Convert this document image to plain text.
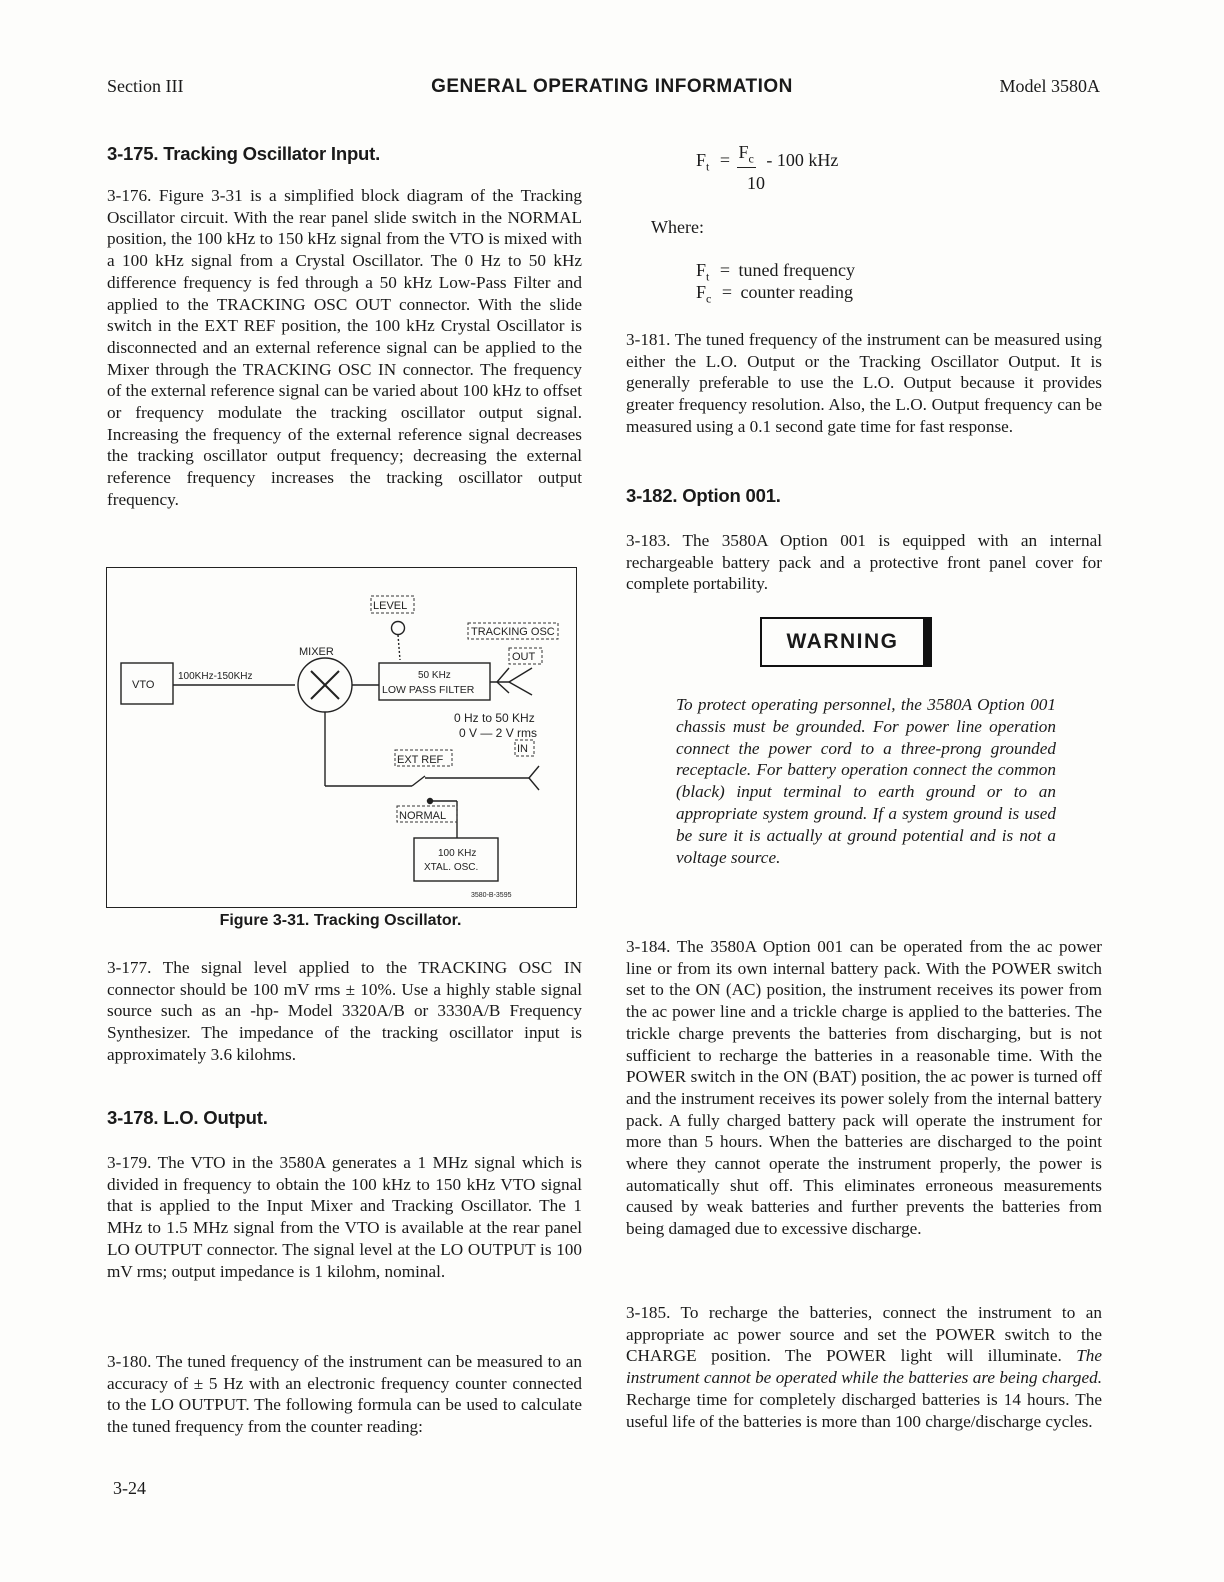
Section III	GENERAL OPERATING INFORMATION	Model 3580A
3-175. Tracking Oscillator Input.

3-176. Figure 3-31 is a simplified block diagram of the Tracking Oscillator circuit. With the rear panel slide switch in the NORMAL position, the 100 kHz to 150 kHz signal from the VTO is mixed with a 100 kHz signal from a Crystal Oscillator. The 0 Hz to 50 kHz difference frequency is fed through a 50 kHz Low-Pass Filter and applied to the TRACKING OSC OUT connector. With the slide switch in the EXT REF position, the 100 kHz Crystal Oscillator is disconnected and an external reference signal can be applied to the Mixer through the TRACKING OSC IN connector. The frequency of the external reference signal can be varied about 100 kHz to offset or frequency modulate the tracking oscillator output signal. Increasing the frequency of the external reference signal decreases the tracking oscillator output frequency; decreasing the external reference frequency increases the tracking oscillator output frequency.

VTO
100KHz-150KHz
MIXER
LEVEL
TRACKING OSC
OUT
50 KHz
LOW PASS FILTER
0 Hz to 50 KHz
0 V — 2 V rms
IN
EXT REF
NORMAL
100 KHz
XTAL. OSC.
3580-B-3595
Figure 3-31. Tracking Oscillator.

3-177. The signal level applied to the TRACKING OSC IN connector should be 100 mV rms ± 10%. Use a highly stable signal source such as an -hp- Model 3320A/B or 3330A/B Frequency Synthesizer. The impedance of the tracking oscillator input is approximately 3.6 kilohms.

3-178. L.O. Output.

3-179. The VTO in the 3580A generates a 1 MHz signal which is divided in frequency to obtain the 100 kHz to 150 kHz VTO signal that is applied to the Input Mixer and Tracking Oscillator. The 1 MHz to 1.5 MHz signal from the VTO is available at the rear panel LO OUTPUT connector. The signal level at the LO OUTPUT is 100 mV rms; output impedance is 1 kilohm, nominal.

3-180. The tuned frequency of the instrument can be measured to an accuracy of ± 5 Hz with an electronic frequency counter connected to the LO OUTPUT. The following formula can be used to calculate the tuned frequency from the counter reading:

3-24
$F_t = F_c - 100$ kHz
10
Where:
$F_t$ = tuned frequency
$F_c$ = counter reading

3-181. The tuned frequency of the instrument can be measured using either the L.O. Output or the Tracking Oscillator Output. It is generally preferable to use the L.O. Output because it provides greater frequency resolution. Also, the L.O. Output frequency can be measured using a 0.1 second gate time for fast response.

3-182. Option 001.

3-183. The 3580A Option 001 is equipped with an internal rechargeable battery pack and a protective front panel cover for complete portability.

WARNING
To protect operating personnel, the 3580A Option 001 chassis must be grounded. For power line operation connect the power cord to a three-prong grounded receptacle. For battery operation connect the common (black) input terminal to earth ground or to an appropriate system ground. If a system ground is used be sure it is actually at ground potential and is not a voltage source.

3-184. The 3580A Option 001 can be operated from the ac power line or from its own internal battery pack. With the POWER switch set to the ON (AC) position, the instrument receives its power from the ac power line and a trickle charge is applied to the batteries. The trickle charge prevents the batteries from discharging, but is not sufficient to recharge the batteries in a reasonable time. With the POWER switch in the ON (BAT) position, the ac power is turned off and the instrument receives its power solely from the internal battery pack. A fully charged battery pack will operate the instrument for more than 5 hours. When the batteries are discharged to the point where they cannot operate the instrument properly, the power is automatically shut off. This eliminates erroneous measurements caused by weak batteries and further prevents the batteries from being damaged due to excessive discharge.

3-185. To recharge the batteries, connect the instrument to an appropriate ac power source and set the POWER switch to the CHARGE position. The POWER light will illuminate. The instrument cannot be operated while the batteries are being charged. Recharge time for completely discharged batteries is 14 hours. The useful life of the batteries is more than 100 charge/discharge cycles.
